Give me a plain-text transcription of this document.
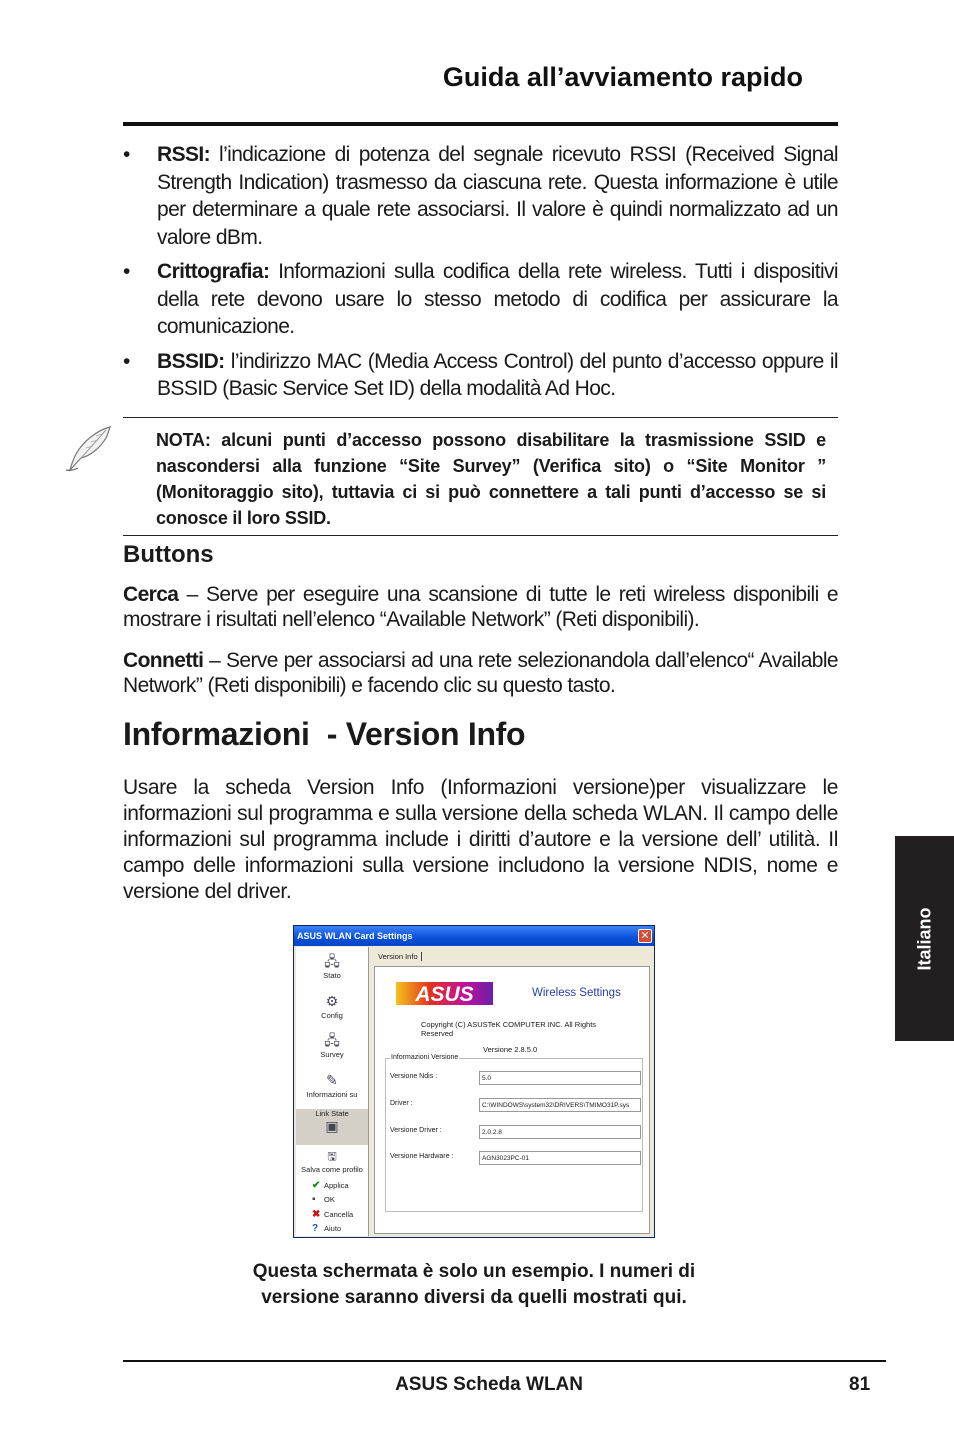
Guida all’avviamento rapido
• RSSI: l’indicazione di potenza del segnale ricevuto RSSI (Received Signal Strength Indication) trasmesso da ciascuna rete. Questa informazione è utile per determinare a quale rete associarsi. Il valore è quindi normalizzato ad un valore dBm.
• Crittografia: Informazioni sulla codifica della rete wireless. Tutti i dispositivi della rete devono usare lo stesso metodo di codifica per assicurare la comunicazione.
• BSSID: l’indirizzo MAC (Media Access Control) del punto d’accesso oppure il BSSID (Basic Service Set ID) della modalità Ad Hoc.
NOTA: alcuni punti d’accesso possono disabilitare la trasmissione SSID e nascondersi alla funzione “Site Survey” (Verifica sito) o “Site Monitor ” (Monitoraggio sito), tuttavia ci si può connettere a tali punti d’accesso se si conosce il loro SSID.
Buttons
Cerca – Serve per eseguire una scansione di tutte le reti wireless disponibili e mostrare i risultati nell’elenco “Available Network” (Reti disponibili).
Connetti – Serve per associarsi ad una rete selezionandola dall’elenco“ Available Network” (Reti disponibili) e facendo clic su questo tasto.
Informazioni  - Version Info
Usare la scheda Version Info (Informazioni versione)per visualizzare le informazioni sul programma e sulla versione della scheda WLAN. Il campo delle informazioni sul programma include i diritti d’autore e la versione dell’ utilità. Il campo delle informazioni sulla versione includono la versione NDIS, nome e versione del driver.
ASUS WLAN Card Settings	✕
🖧
Stato
⚙
Config
🖧
Survey
✎
Informazioni su
Link State
▣
🖫
Salva come profilo
✔ Applica
▪ OK
✖ Cancella
? Aiuto
Version Info
ASUS	Wireless Settings
Copyright (C) ASUSTeK COMPUTER INC. All Rights Reserved
Versione 2.8.5.0
Informazioni Versione
Versione Ndis :	5.0
Driver :	C:\WINDOWS\system32\DRIVERS\TMIMO31P.sys
Versione Driver :	2.0.2.8
Versione Hardware :	AGN3023PC-01
Questa schermata è solo un esempio. I numeri di
versione saranno diversi da quelli mostrati qui.
Italiano
ASUS Scheda WLAN	81
